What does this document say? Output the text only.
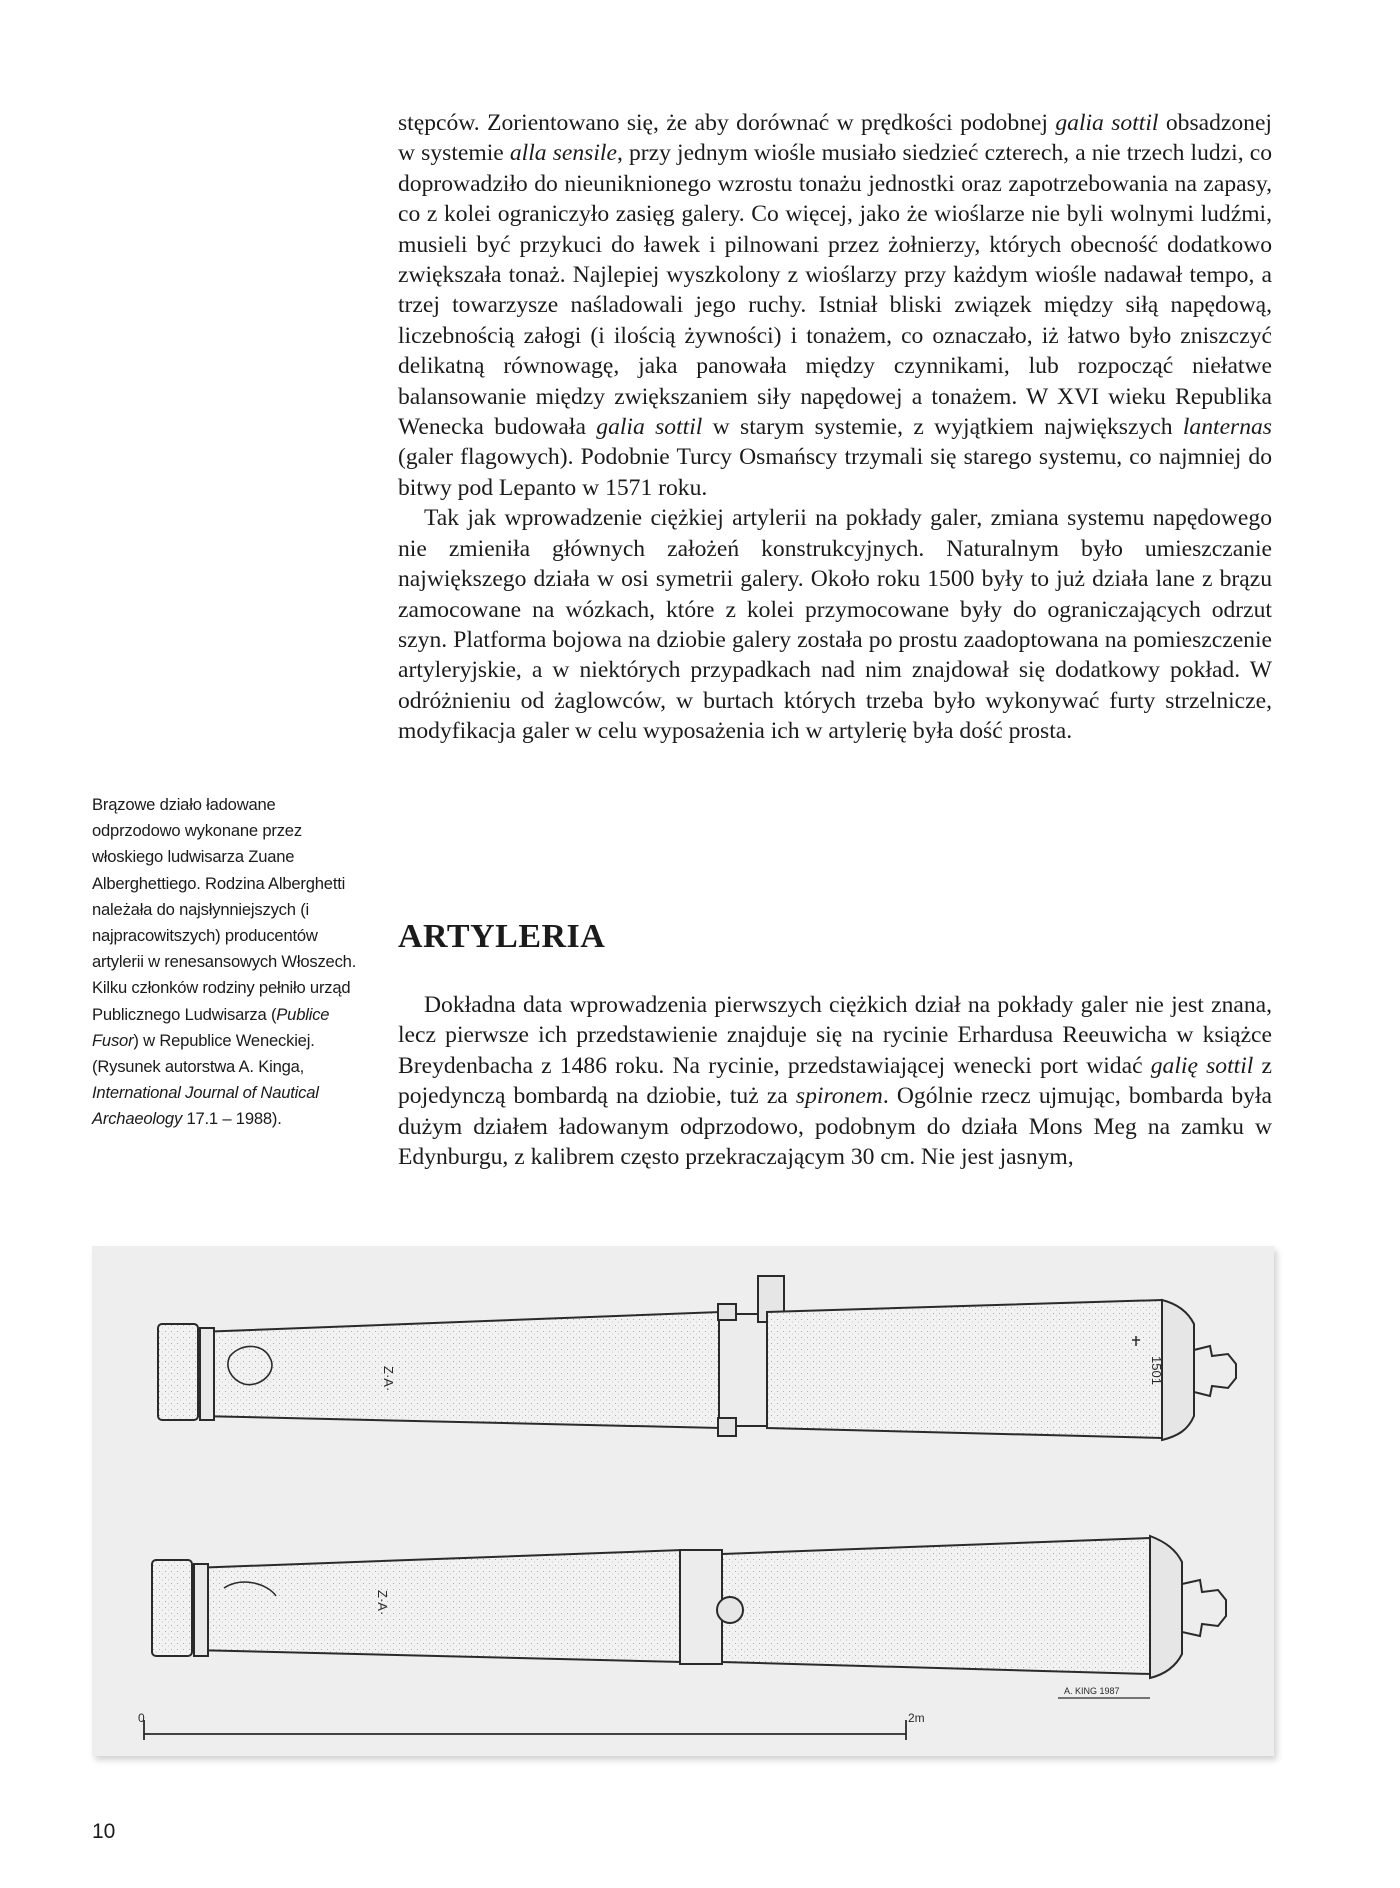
stępców. Zorientowano się, że aby dorównać w prędkości podobnej galia sottil obsadzonej w systemie alla sensile, przy jednym wiośle musiało siedzieć czterech, a nie trzech ludzi, co doprowadziło do nieuniknionego wzrostu tonażu jednostki oraz zapotrzebowania na zapasy, co z kolei ograniczyło zasięg galery. Co więcej, jako że wioślarze nie byli wolnymi ludźmi, musieli być przykuci do ławek i pilnowani przez żołnierzy, których obecność dodatkowo zwiększała tonaż. Najlepiej wyszkolony z wioślarzy przy każdym wiośle nadawał tempo, a trzej towarzysze naśladowali jego ruchy. Istniał bliski związek między siłą napędową, liczebnością załogi (i ilością żywności) i tonażem, co oznaczało, iż łatwo było zniszczyć delikatną równowagę, jaka panowała między czynnikami, lub rozpocząć niełatwe balansowanie między zwiększaniem siły napędowej a tonażem. W XVI wieku Republika Wenecka budowała galia sottil w starym systemie, z wyjątkiem największych lanternas (galer flagowych). Podobnie Turcy Osmańscy trzymali się starego systemu, co najmniej do bitwy pod Lepanto w 1571 roku.

Tak jak wprowadzenie ciężkiej artylerii na pokłady galer, zmiana systemu napędowego nie zmieniła głównych założeń konstrukcyjnych. Naturalnym było umieszczanie największego działa w osi symetrii galery. Około roku 1500 były to już działa lane z brązu zamocowane na wózkach, które z kolei przymocowane były do ograniczających odrzut szyn. Platforma bojowa na dziobie galery została po prostu zaadoptowana na pomieszczenie artyleryjskie, a w niektórych przypadkach nad nim znajdował się dodatkowy pokład. W odróżnieniu od żaglowców, w burtach których trzeba było wykonywać furty strzelnicze, modyfikacja galer w celu wyposażenia ich w artylerię była dość prosta.

ARTYLERIA

Dokładna data wprowadzenia pierwszych ciężkich dział na pokłady galer nie jest znana, lecz pierwsze ich przedstawienie znajduje się na rycinie Erhardusa Reeuwicha w książce Breydenbacha z 1486 roku. Na rycinie, przedstawiającej wenecki port widać galię sottil z pojedynczą bombardą na dziobie, tuż za spironem. Ogólnie rzecz ujmując, bombarda była dużym działem ładowanym odprzodowo, podobnym do działa Mons Meg na zamku w Edynburgu, z kalibrem często przekraczającym 30 cm. Nie jest jasnym,

Brązowe działo ładowane odprzodowo wykonane przez włoskiego ludwisarza Zuane Alberghettiego. Rodzina Alberghetti należała do najsłynniejszych (i najpracowitszych) producentów artylerii w renesansowych Włoszech. Kilku członków rodziny pełniło urząd Publicznego Ludwisarza (Publice Fusor) w Republice Weneckiej. (Rysunek autorstwa A. Kinga, International Journal of Nautical Archaeology 17.1 – 1988).
Z·A·	1501
Z·A·
A. KING 1987
0	2m
10
